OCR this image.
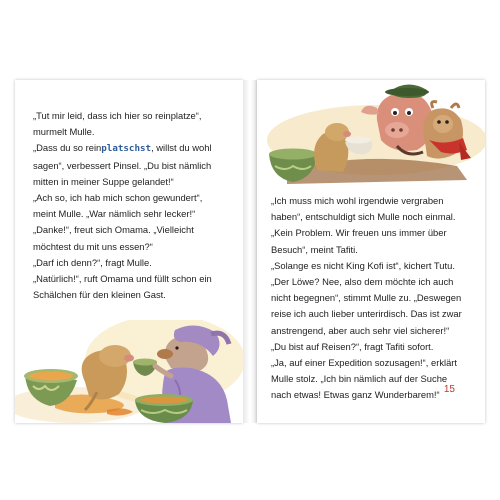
„Tut mir leid, dass ich hier so reinplatze“,
murmelt Mulle.
„Dass du so reinplatschst, willst du wohl
sagen“, verbessert Pinsel. „Du bist nämlich
mitten in meiner Suppe gelandet!“
„Ach so, ich hab mich schon gewundert“,
meint Mulle. „War nämlich sehr lecker!“
„Danke!“, freut sich Omama. „Vielleicht
möchtest du mit uns essen?“
„Darf ich denn?“, fragt Mulle.
„Natürlich!“, ruft Omama und füllt schon ein
Schälchen für den kleinen Gast.
„Ich muss mich wohl irgendwie vergraben
haben“, entschuldigt sich Mulle noch einmal.
„Kein Problem. Wir freuen uns immer über
Besuch“, meint Tafiti.
„Solange es nicht King Kofi ist“, kichert Tutu.
„Der Löwe? Nee, also dem möchte ich auch
nicht begegnen“, stimmt Mulle zu. „Deswegen
reise ich auch lieber unterirdisch. Das ist zwar
anstrengend, aber auch sehr viel sicherer!“
„Du bist auf Reisen?“, fragt Tafiti sofort.
„Ja, auf einer Expedition sozusagen!“, erklärt
Mulle stolz. „Ich bin nämlich auf der Suche
nach etwas! Etwas ganz Wunderbarem!“ 15
